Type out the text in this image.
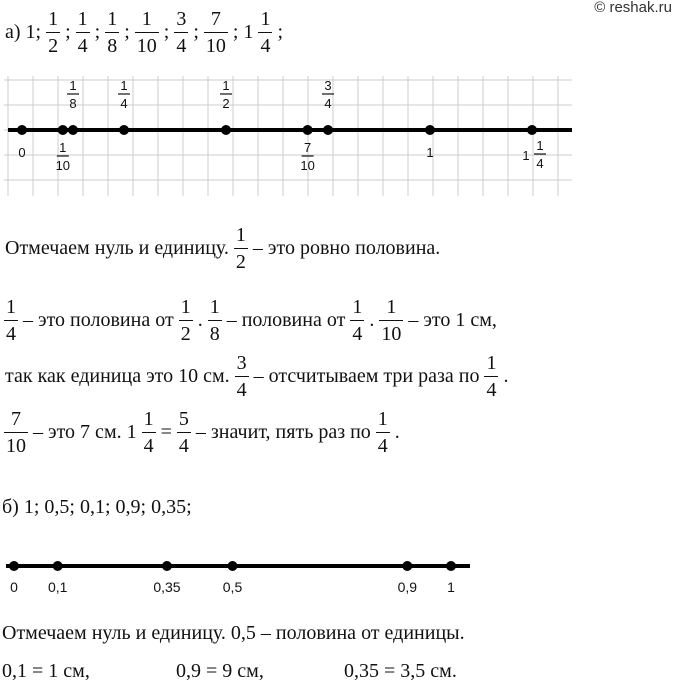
© reshak.ru
а) 1; $\frac{1}{2}$ ; $\frac{1}{4}$ ; $\frac{1}{8}$ ; $\frac{1}{10}$ ; $\frac{3}{4}$ ; $\frac{7}{10}$ ; $1 \frac{1}{4}$ ;
1
8
1
4
1
2
3
4
0	1
10
7
10
1	1
1
4
Отмечаем нуль и единицу. $\frac{1}{2}$ – это ровно половина.
$\frac{1}{4}$ – это половина от $\frac{1}{2}$ . $\frac{1}{8}$ – половина от $\frac{1}{4}$ . $\frac{1}{10}$ – это 1 см,
так как единица это 10 см. $\frac{3}{4}$ – отсчитываем три раза по $\frac{1}{4}$ .
$\frac{7}{10}$ – это 7 см. $1 \frac{1}{4} = \frac{5}{4}$ – значит, пять раз по $\frac{1}{4}$ .
б) 1; 0,5; 0,1; 0,9; 0,35;
0 0,1	0,35	0,5	0,9 1
Отмечаем нуль и единицу. 0,5 – половина от единицы.
0,1 = 1 см,	0,9 = 9 см,	0,35 = 3,5 см.
